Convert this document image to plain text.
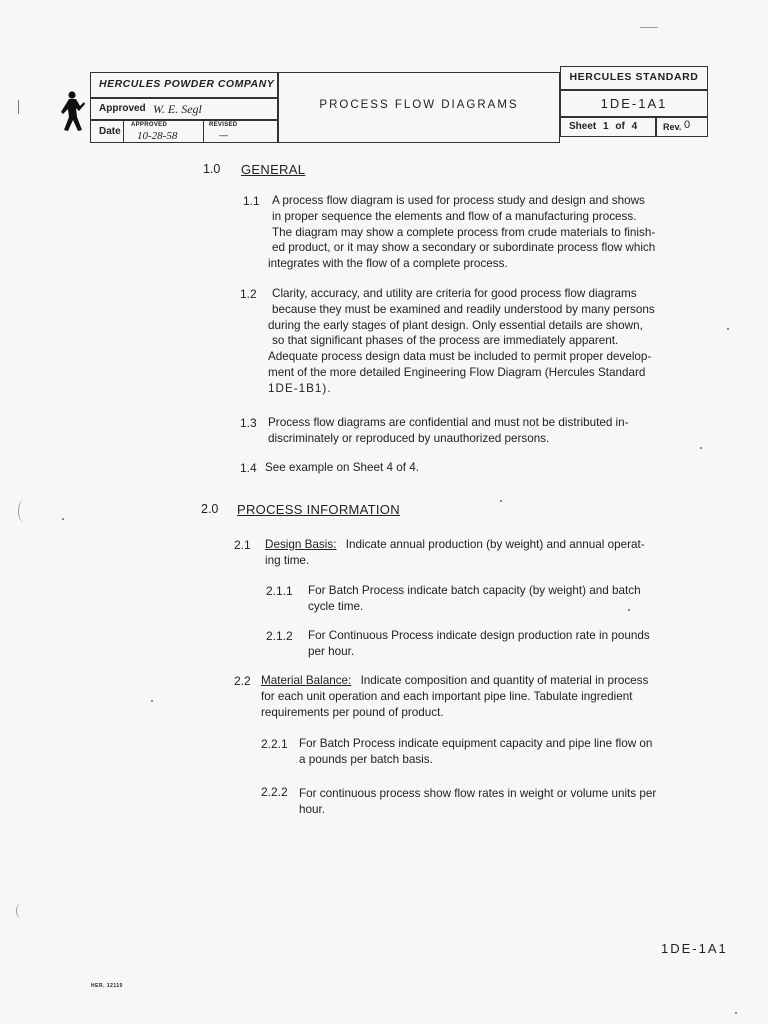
HERCULES POWDER COMPANY
Approved W. E. Segl
Date
APPROVED
10-28-58
REVISED
—
PROCESS FLOW DIAGRAMS
HERCULES STANDARD
1DE-1A1
Sheet 1 of 4	Rev. 0
1.0 GENERAL
1.1 A process flow diagram is used for process study and design and shows
in proper sequence the elements and flow of a manufacturing process.
The diagram may show a complete process from crude materials to finish-
ed product, or it may show a secondary or subordinate process flow which
integrates with the flow of a complete process.
1.2 Clarity, accuracy, and utility are criteria for good process flow diagrams
because they must be examined and readily understood by many persons
during the early stages of plant design. Only essential details are shown,
so that significant phases of the process are immediately apparent.
Adequate process design data must be included to permit proper develop-
ment of the more detailed Engineering Flow Diagram (Hercules Standard
1DE-1B1).
1.3 Process flow diagrams are confidential and must not be distributed in-
discriminately or reproduced by unauthorized persons.
1.4 See example on Sheet 4 of 4.
2.0 PROCESS INFORMATION
2.1 Design Basis: Indicate annual production (by weight) and annual operat-
ing time.
2.1.1 For Batch Process indicate batch capacity (by weight) and batch
cycle time.
2.1.2 For Continuous Process indicate design production rate in pounds
per hour.
2.2 Material Balance: Indicate composition and quantity of material in process
for each unit operation and each important pipe line. Tabulate ingredient
requirements per pound of product.
2.2.1 For Batch Process indicate equipment capacity and pipe line flow on
a pounds per batch basis.
2.2.2 For continuous process show flow rates in weight or volume units per
hour.
1DE-1A1
HER. 12110
